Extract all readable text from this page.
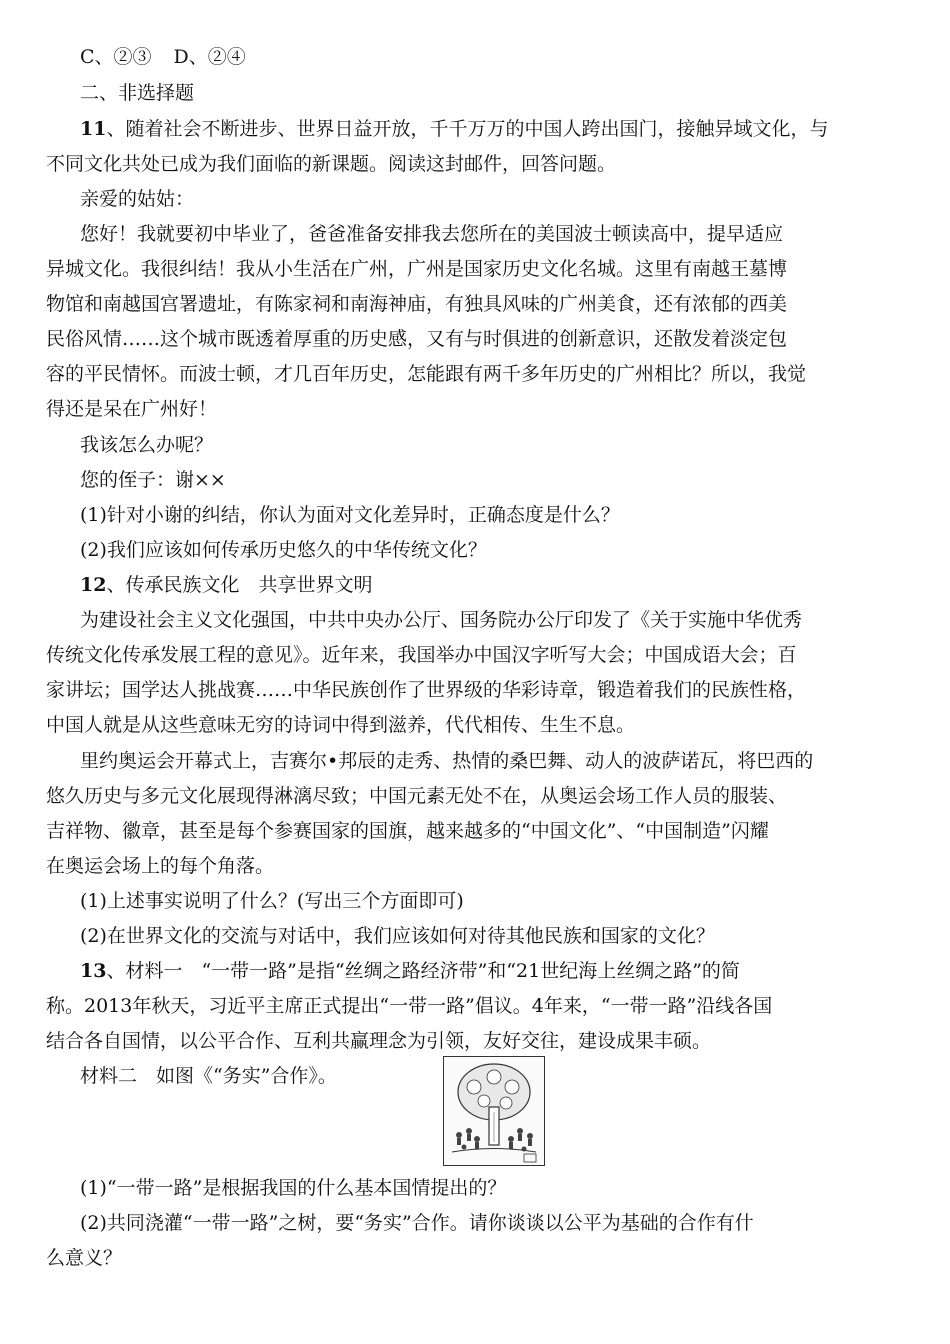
C、②③ D、②④
二、非选择题
11、随着社会不断进步、世界日益开放，千千万万的中国人跨出国门，接触异域文化，与
不同文化共处已成为我们面临的新课题。阅读这封邮件，回答问题。
亲爱的姑姑：
您好！我就要初中毕业了，爸爸准备安排我去您所在的美国波士顿读高中，提早适应
异城文化。我很纠结！我从小生活在广州，广州是国家历史文化名城。这里有南越王墓博
物馆和南越国宫署遗址，有陈家祠和南海神庙，有独具风味的广州美食，还有浓郁的西美
民俗风情……这个城市既透着厚重的历史感，又有与时俱进的创新意识，还散发着淡定包
容的平民情怀。而波士顿，才几百年历史，怎能跟有两千多年历史的广州相比？所以，我觉
得还是呆在广州好！
我该怎么办呢？
您的侄子：谢××
(1)针对小谢的纠结，你认为面对文化差异时，正确态度是什么？
(2)我们应该如何传承历史悠久的中华传统文化？
12、传承民族文化　共享世界文明
为建设社会主义文化强国，中共中央办公厅、国务院办公厅印发了《关于实施中华优秀
传统文化传承发展工程的意见》。近年来，我国举办中国汉字听写大会；中国成语大会；百
家讲坛；国学达人挑战赛……中华民族创作了世界级的华彩诗章，锻造着我们的民族性格，
中国人就是从这些意味无穷的诗词中得到滋养，代代相传、生生不息。
里约奥运会开幕式上，吉赛尔•邦辰的走秀、热情的桑巴舞、动人的波萨诺瓦，将巴西的
悠久历史与多元文化展现得淋漓尽致；中国元素无处不在，从奥运会场工作人员的服装、
吉祥物、徽章，甚至是每个参赛国家的国旗，越来越多的“中国文化”、“中国制造”闪耀
在奥运会场上的每个角落。
(1)上述事实说明了什么？(写出三个方面即可)
(2)在世界文化的交流与对话中，我们应该如何对待其他民族和国家的文化？
13、材料一　“一带一路”是指“丝绸之路经济带”和“21世纪海上丝绸之路”的简
称。2013年秋天，习近平主席正式提出“一带一路”倡议。4年来，“一带一路”沿线各国
结合各自国情，以公平合作、互利共赢理念为引领，友好交往，建设成果丰硕。
材料二　如图《“务实”合作》。
(1)“一带一路”是根据我国的什么基本国情提出的？
(2)共同浇灌“一带一路”之树，要“务实”合作。请你谈谈以公平为基础的合作有什
么意义？
